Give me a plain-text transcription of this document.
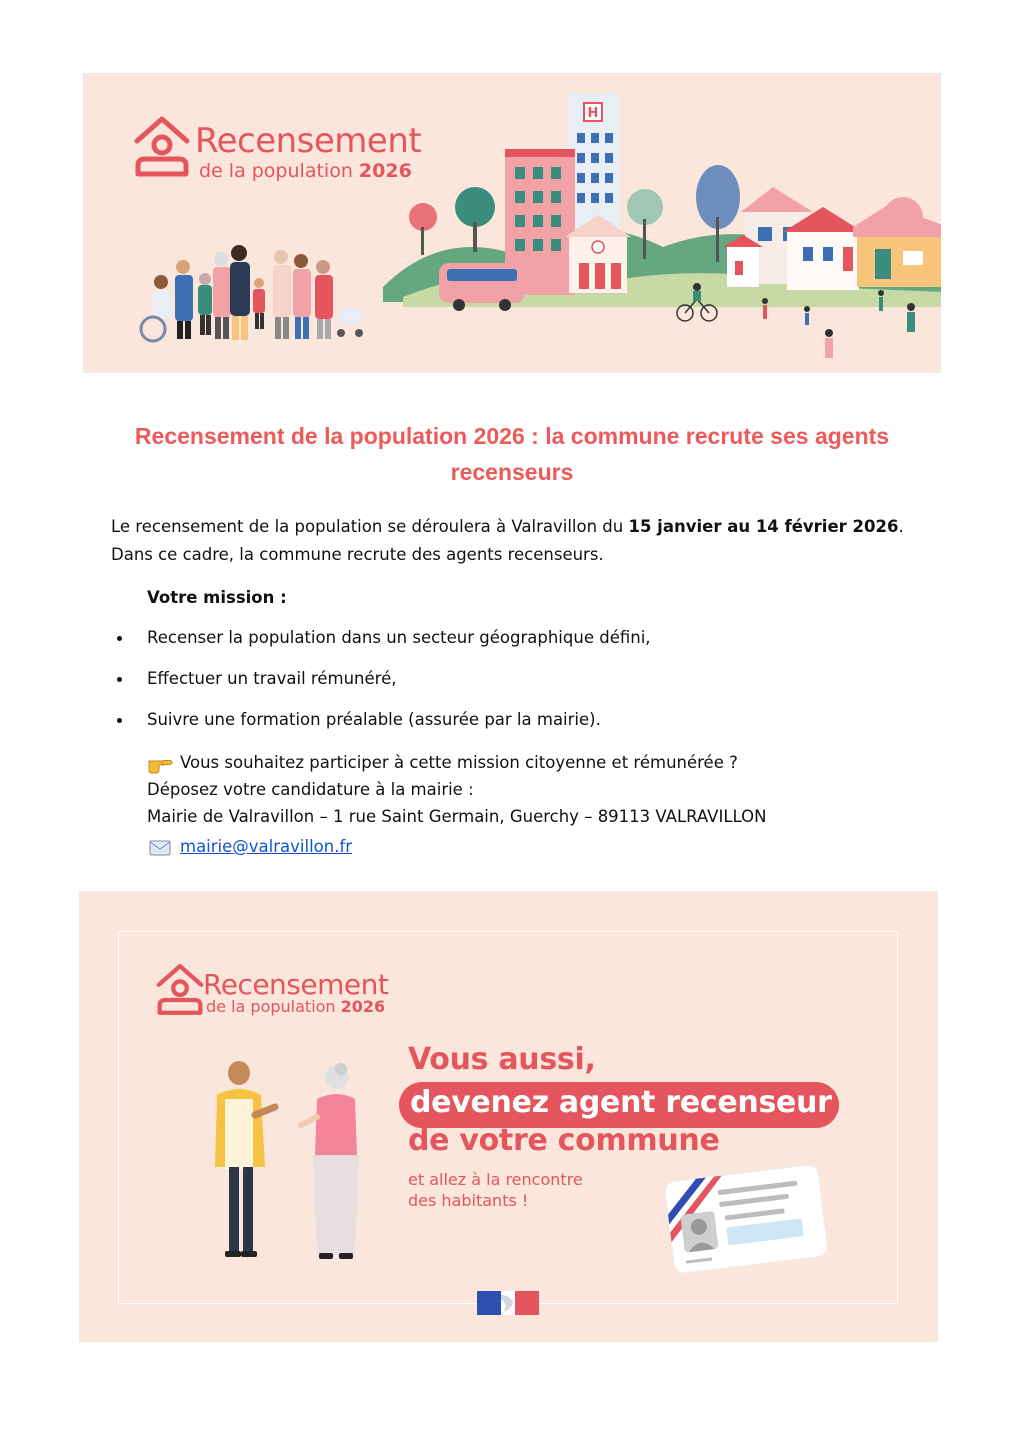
Recensement
de la population 2026
H
Recensement de la population 2026 : la commune recrute ses agents recenseurs
Le recensement de la population se déroulera à Valravillon du 15 janvier au 14 février 2026.
Dans ce cadre, la commune recrute des agents recenseurs.
Votre mission :
Recenser la population dans un secteur géographique défini,
Effectuer un travail rémunéré,
Suivre une formation préalable (assurée par la mairie).
Vous souhaitez participer à cette mission citoyenne et rémunérée ?
Déposez votre candidature à la mairie :
Mairie de Valravillon – 1 rue Saint Germain, Guerchy – 89113 VALRAVILLON
mairie@valravillon.fr
Recensement
de la population 2026
Vous aussi,
devenez agent recenseur
de votre commune
et allez à la rencontre
des habitants !
